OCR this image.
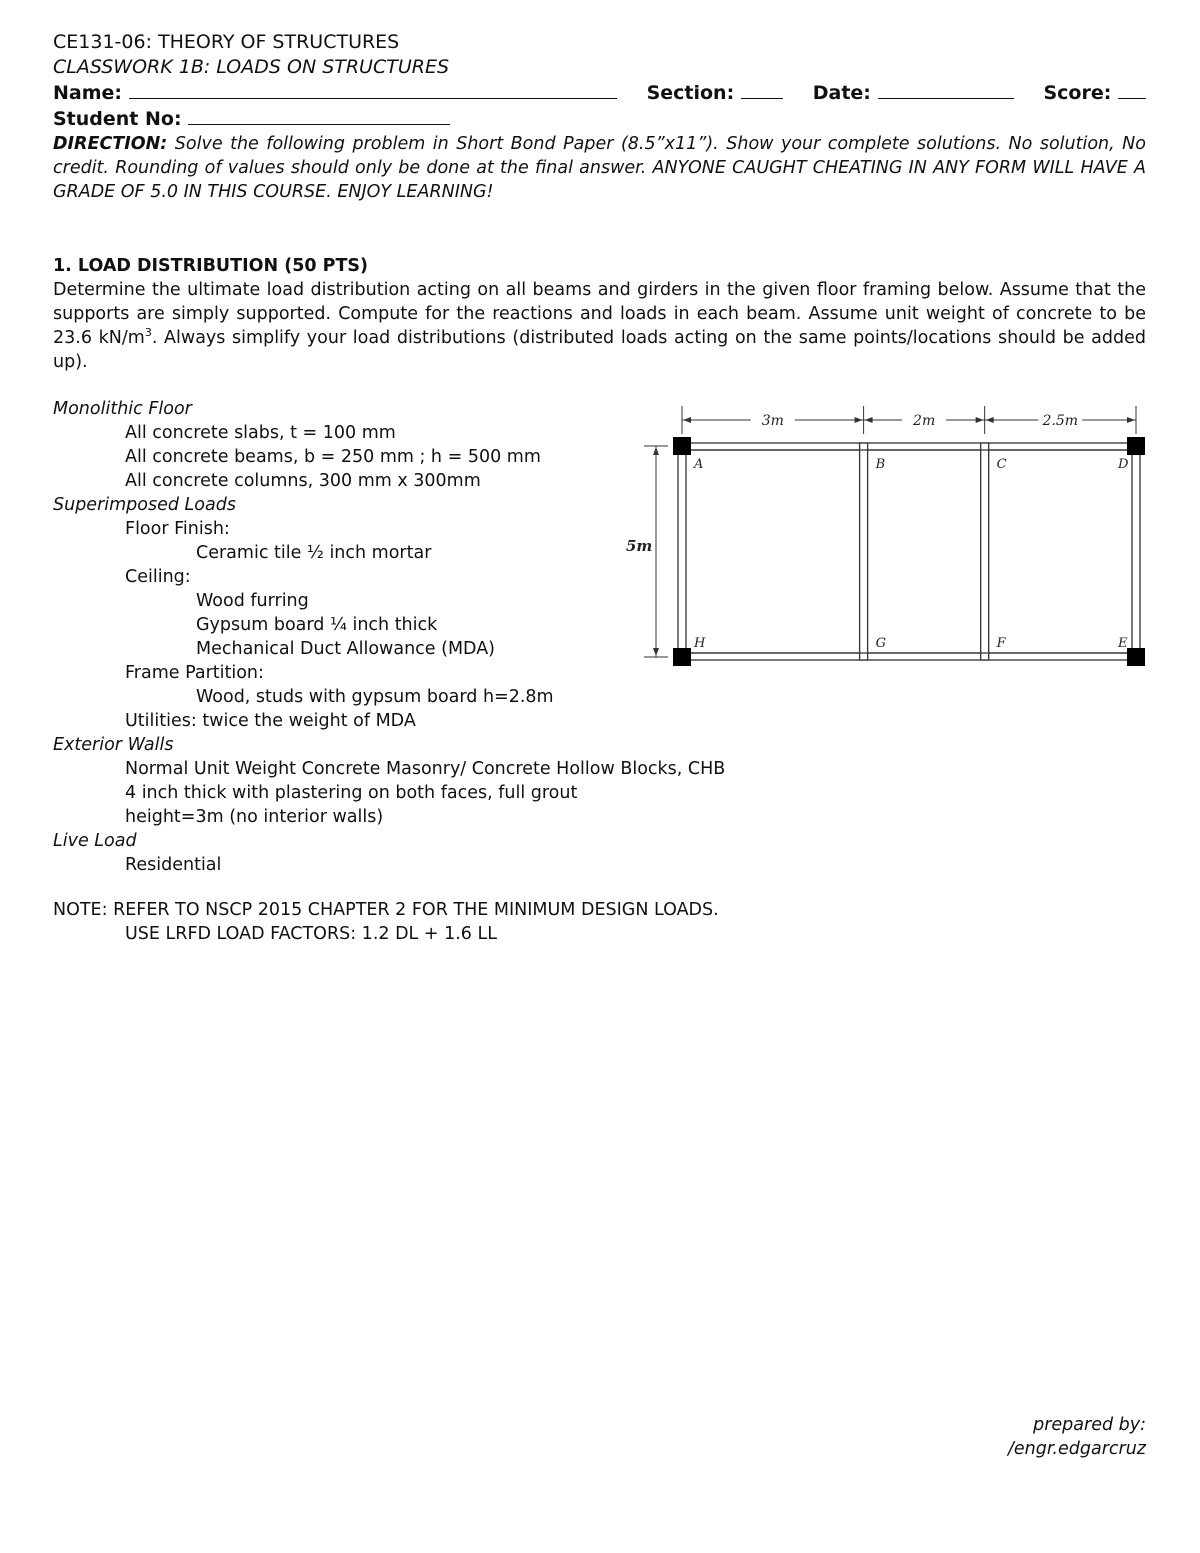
CE131-06: THEORY OF STRUCTURES
CLASSWORK 1B: LOADS ON STRUCTURES
Name:	Section:	Date:	Score:
Student No:
DIRECTION: Solve the following problem in Short Bond Paper (8.5”x11”). Show your complete solutions. No solution, No credit. Rounding of values should only be done at the final answer. ANYONE CAUGHT CHEATING IN ANY FORM WILL HAVE A GRADE OF 5.0 IN THIS COURSE. ENJOY LEARNING!
1. LOAD DISTRIBUTION (50 PTS)
Determine the ultimate load distribution acting on all beams and girders in the given floor framing below. Assume that the supports are simply supported. Compute for the reactions and loads in each beam. Assume unit weight of concrete to be 23.6 $kN/m^3$. Always simplify your load distributions (distributed loads acting on the same points/locations should be added up).
Monolithic Floor
All concrete slabs, t = 100 mm
All concrete beams, b = 250 mm ; h = 500 mm
All concrete columns, 300 mm x 300mm
Superimposed Loads
Floor Finish:
Ceramic tile ½ inch mortar
Ceiling:
Wood furring
Gypsum board ¼ inch thick
Mechanical Duct Allowance (MDA)
Frame Partition:
Wood, studs with gypsum board h=2.8m
Utilities: twice the weight of MDA
Exterior Walls
Normal Unit Weight Concrete Masonry/ Concrete Hollow Blocks, CHB
4 inch thick with plastering on both faces, full grout
height=3m (no interior walls)
Live Load
Residential
NOTE: REFER TO NSCP 2015 CHAPTER 2 FOR THE MINIMUM DESIGN LOADS.
USE LRFD LOAD FACTORS: 1.2 DL + 1.6 LL
3m	2m	2.5m
5m
A	B	C	D
H	G	F	E
prepared by:
/engr.edgarcruz
